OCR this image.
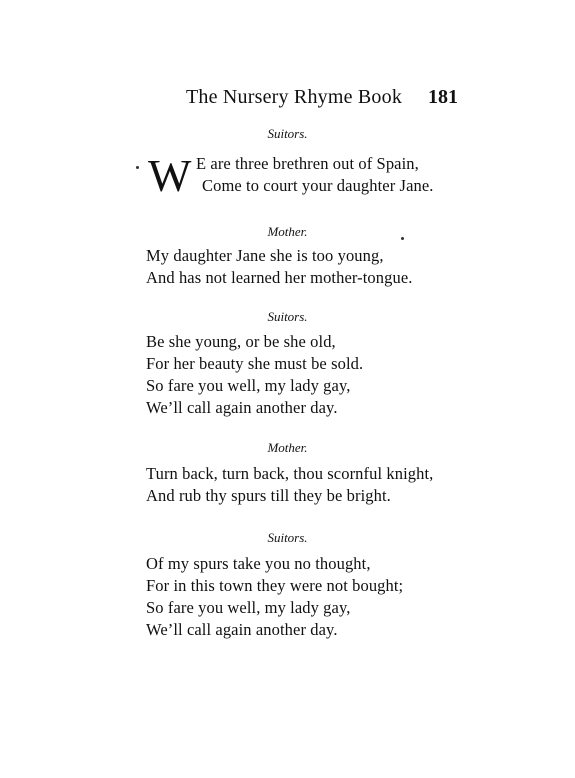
The Nursery Rhyme Book 181
Suitors.
W E are three brethren out of Spain,
Come to court your daughter Jane.
Mother.
My daughter Jane she is too young,
And has not learned her mother-tongue.
Suitors.
Be she young, or be she old,
For her beauty she must be sold.
So fare you well, my lady gay,
We’ll call again another day.
Mother.
Turn back, turn back, thou scornful knight,
And rub thy spurs till they be bright.
Suitors.
Of my spurs take you no thought,
For in this town they were not bought;
So fare you well, my lady gay,
We’ll call again another day.
